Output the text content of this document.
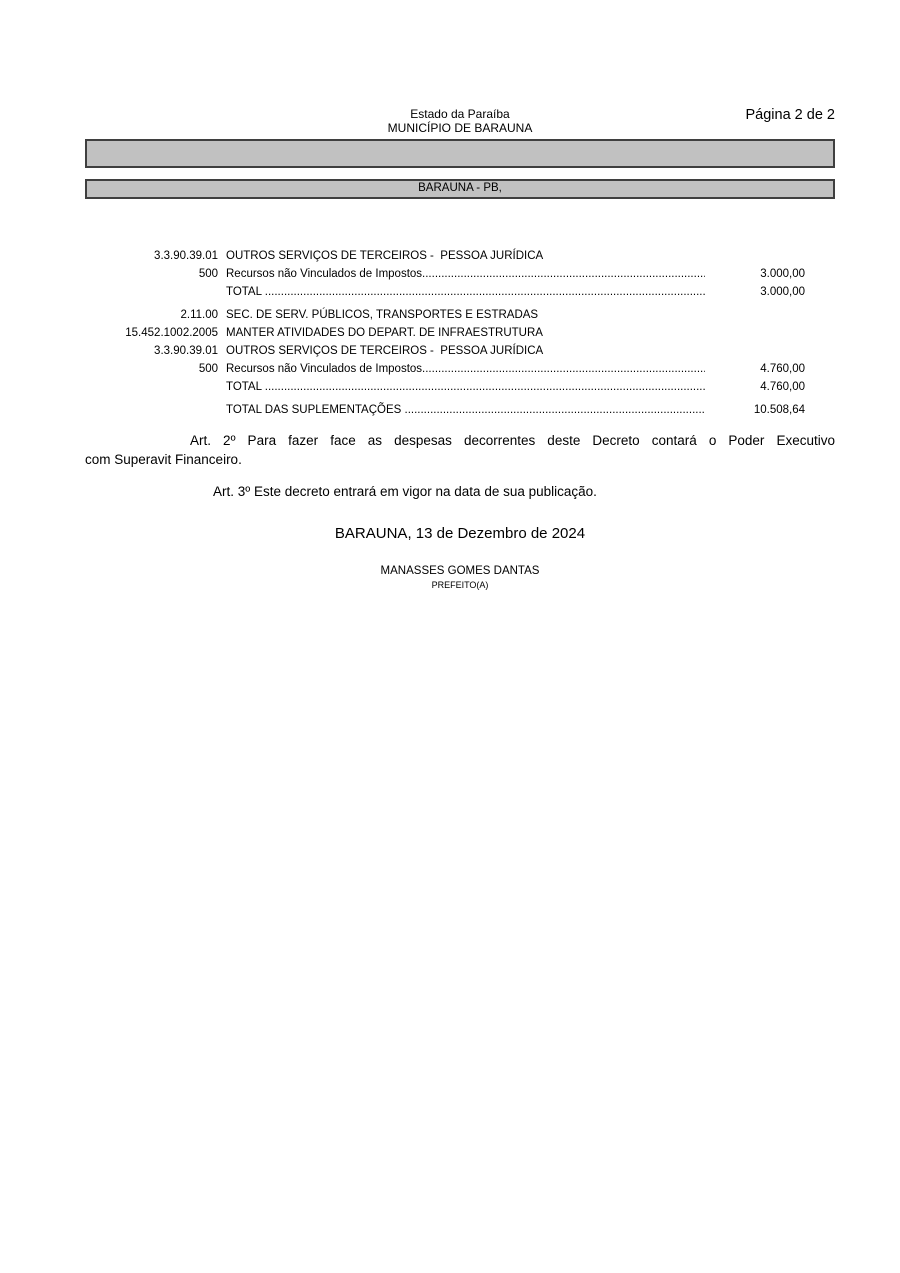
Estado da Paraíba
MUNICÍPIO DE BARAUNA
Página 2 de 2
BARAUNA - PB,
3.3.90.39.01 OUTROS SERVIÇOS DE TERCEIROS -  PESSOA JURÍDICA
500 Recursos não Vinculados de Impostos .....	3.000,00
TOTAL .....	3.000,00
2.11.00 SEC. DE SERV. PÚBLICOS, TRANSPORTES E ESTRADAS
15.452.1002.2005 MANTER ATIVIDADES DO DEPART. DE INFRAESTRUTURA
3.3.90.39.01 OUTROS SERVIÇOS DE TERCEIROS -  PESSOA JURÍDICA
500 Recursos não Vinculados de Impostos .....	4.760,00
TOTAL .....	4.760,00
TOTAL DAS SUPLEMENTAÇÕES .....	10.508,64
Art. 2º Para fazer face as despesas decorrentes deste Decreto contará o Poder Executivo
com Superavit Financeiro.
Art. 3º Este decreto entrará em vigor na data de sua publicação.
BARAUNA, 13 de Dezembro de 2024
MANASSES GOMES DANTAS
PREFEITO(A)
